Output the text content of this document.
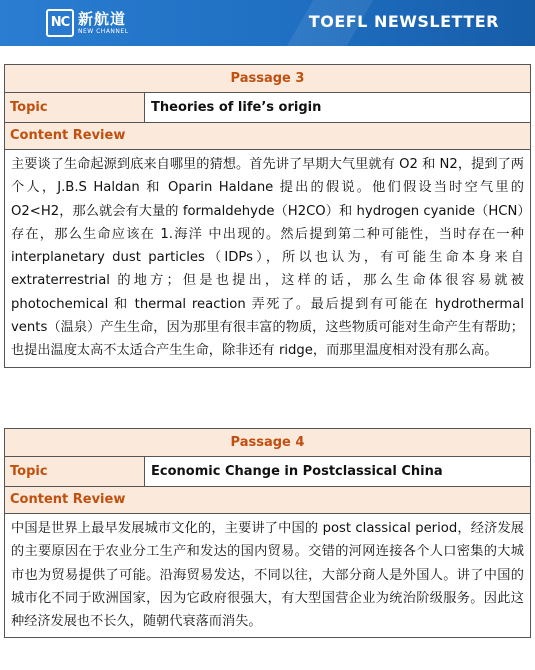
NC 新航道
NEW CHANNEL	TOEFL NEWSLETTER
Passage 3
Topic	Theories of life’s origin
Content Review
主要谈了生命起源到底来自哪里的猜想。首先讲了早期大气里就有 O2 和 N2，提到了两个人，J.B.S Haldan 和 Oparin Haldane 提出的假说。他们假设当时空气里的 O2<H2，那么就会有大量的 formaldehyde（H2CO）和 hydrogen cyanide（HCN）存在，那么生命应该在 1.海洋 中出现的。然后提到第二种可能性，当时存在一种 interplanetary dust particles（IDPs），所以也认为，有可能生命本身来自 extraterrestrial 的地方；但是也提出，这样的话，那么生命体很容易就被 photochemical 和 thermal reaction 弄死了。最后提到有可能在 hydrothermal vents（温泉）产生生命，因为那里有很丰富的物质，这些物质可能对生命产生有帮助；也提出温度太高不太适合产生生命，除非还有 ridge，而那里温度相对没有那么高。
Passage 4
Topic	Economic Change in Postclassical China
Content Review
中国是世界上最早发展城市文化的，主要讲了中国的 post classical period，经济发展的主要原因在于农业分工生产和发达的国内贸易。交错的河网连接各个人口密集的大城市也为贸易提供了可能。沿海贸易发达，不同以往，大部分商人是外国人。讲了中国的城市化不同于欧洲国家，因为它政府很强大，有大型国营企业为统治阶级服务。因此这种经济发展也不长久，随朝代衰落而消失。
